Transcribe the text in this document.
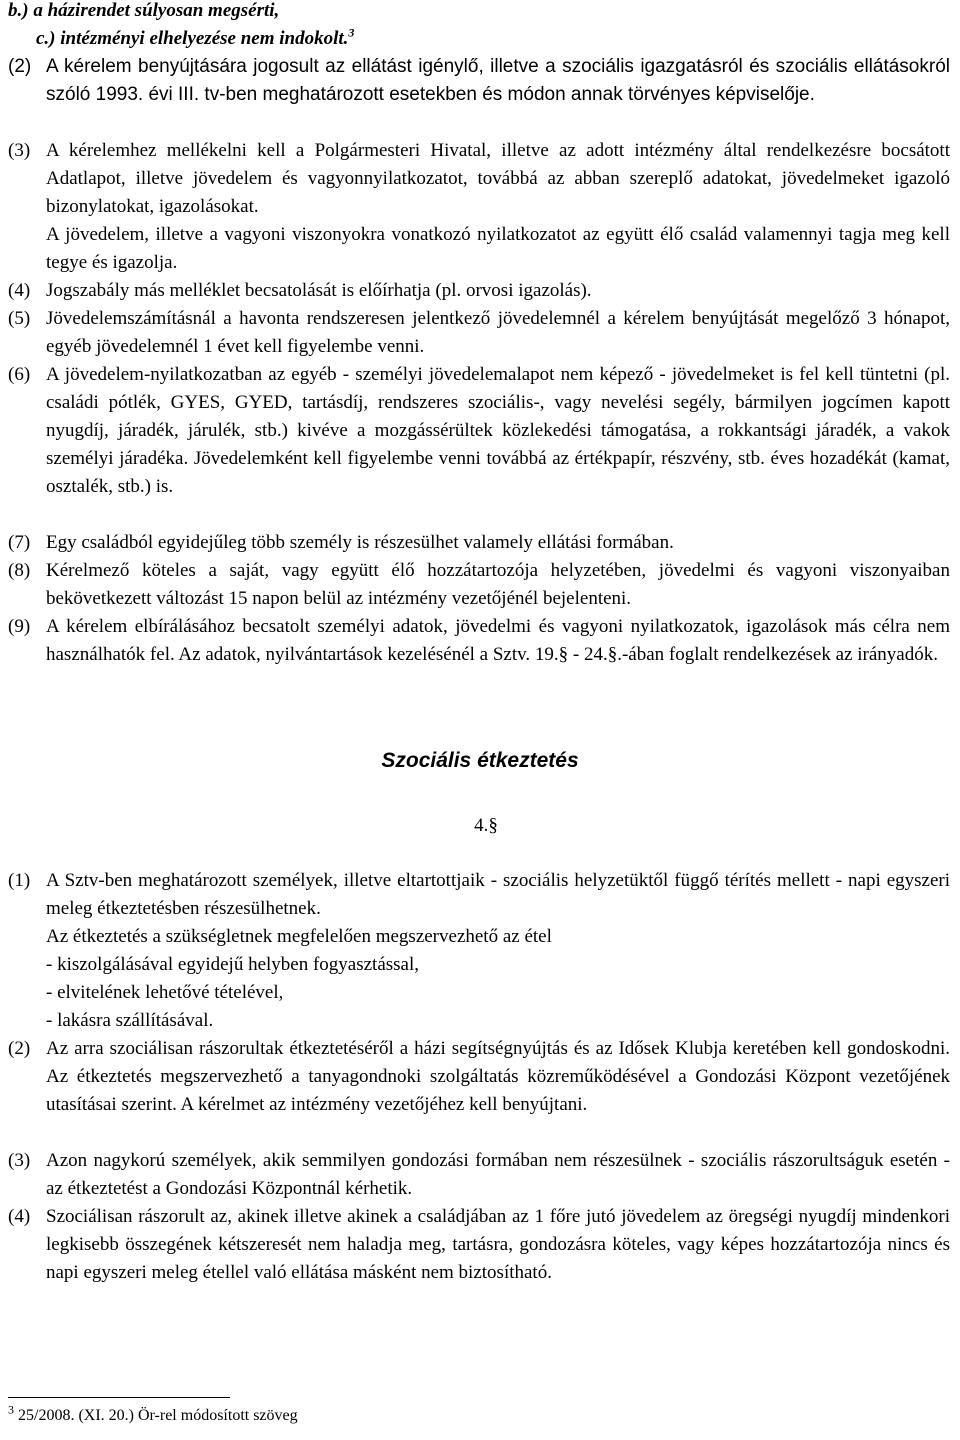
b.) a házirendet súlyosan megsérti,
c.) intézményi elhelyezése nem indokolt.$^3$
(2) A kérelem benyújtására jogosult az ellátást igénylő, illetve a szociális igazgatásról és szociális ellátásokról szóló 1993. évi III. tv-ben meghatározott esetekben és módon annak törvényes képviselője.
(3) A kérelemhez mellékelni kell a Polgármesteri Hivatal, illetve az adott intézmény által rendelkezésre bocsátott Adatlapot, illetve jövedelem és vagyonnyilatkozatot, továbbá az abban szereplő adatokat, jövedelmeket igazoló bizonylatokat, igazolásokat.
A jövedelem, illetve a vagyoni viszonyokra vonatkozó nyilatkozatot az együtt élő család valamennyi tagja meg kell tegye és igazolja.
(4) Jogszabály más melléklet becsatolását is előírhatja (pl. orvosi igazolás).
(5) Jövedelemszámításnál a havonta rendszeresen jelentkező jövedelemnél a kérelem benyújtását megelőző 3 hónapot, egyéb jövedelemnél 1 évet kell figyelembe venni.
(6) A jövedelem-nyilatkozatban az egyéb - személyi jövedelemalapot nem képező - jövedelmeket is fel kell tüntetni (pl. családi pótlék, GYES, GYED, tartásdíj, rendszeres szociális-, vagy nevelési segély, bármilyen jogcímen kapott nyugdíj, járadék, járulék, stb.) kivéve a mozgássérültek közlekedési támogatása, a rokkantsági járadék, a vakok személyi járadéka. Jövedelemként kell figyelembe venni továbbá az értékpapír, részvény, stb. éves hozadékát (kamat, osztalék, stb.) is.
(7) Egy családból egyidejűleg több személy is részesülhet valamely ellátási formában.
(8) Kérelmező köteles a saját, vagy együtt élő hozzátartozója helyzetében, jövedelmi és vagyoni viszonyaiban bekövetkezett változást 15 napon belül az intézmény vezetőjénél bejelenteni.
(9) A kérelem elbírálásához becsatolt személyi adatok, jövedelmi és vagyoni nyilatkozatok, igazolások más célra nem használhatók fel. Az adatok, nyilvántartások kezelésénél a Sztv. 19.§ - 24.§.-ában foglalt rendelkezések az irányadók.
Szociális étkeztetés
4.§
(1) A Sztv-ben meghatározott személyek, illetve eltartottjaik - szociális helyzetüktől függő térítés mellett - napi egyszeri meleg étkeztetésben részesülhetnek.
Az étkeztetés a szükségletnek megfelelően megszervezhető az étel
- kiszolgálásával egyidejű helyben fogyasztással,
- elvitelének lehetővé tételével,
- lakásra szállításával.
(2) Az arra szociálisan rászorultak étkeztetéséről a házi segítségnyújtás és az Idősek Klubja keretében kell gondoskodni. Az étkeztetés megszervezhető a tanyagondnoki szolgáltatás közreműködésével a Gondozási Központ vezetőjének utasításai szerint. A kérelmet az intézmény vezetőjéhez kell benyújtani.
(3) Azon nagykorú személyek, akik semmilyen gondozási formában nem részesülnek - szociális rászorultságuk esetén - az étkeztetést a Gondozási Központnál kérhetik.
(4) Szociálisan rászorult az, akinek illetve akinek a családjában az 1 főre jutó jövedelem az öregségi nyugdíj mindenkori legkisebb összegének kétszeresét nem haladja meg, tartásra, gondozásra köteles, vagy képes hozzátartozója nincs és napi egyszeri meleg étellel való ellátása másként nem biztosítható.
$^3$ 25/2008. (XI. 20.) Ör-rel módosított szöveg
